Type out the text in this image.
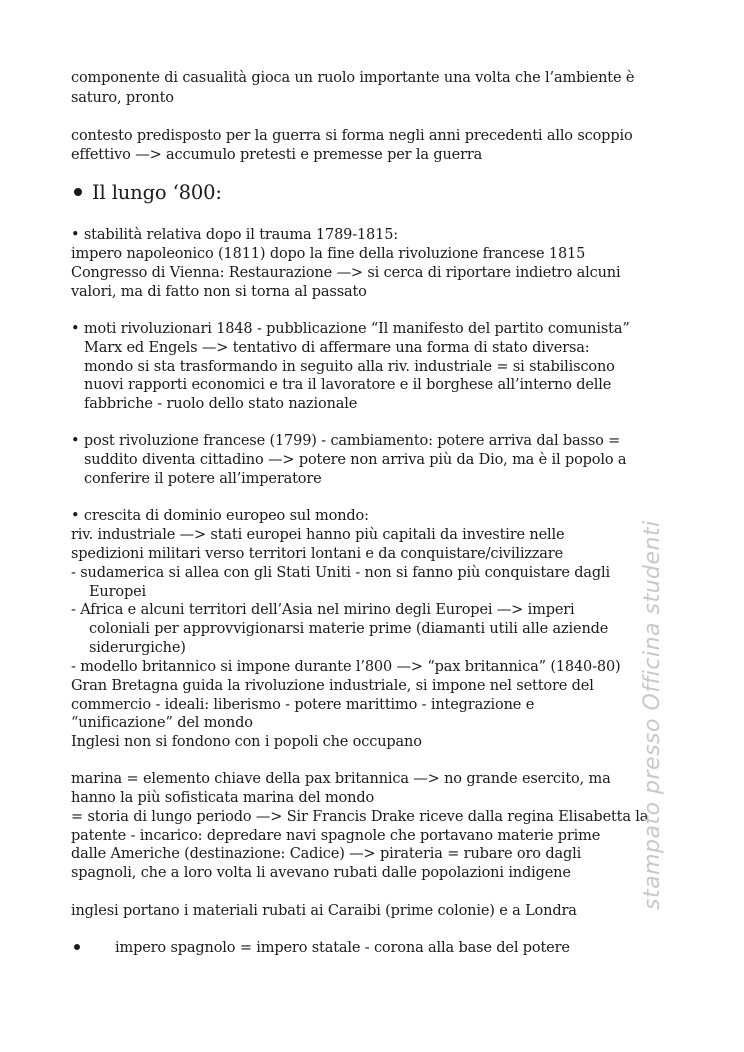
componente di casualità gioca un ruolo importante una volta che l’ambiente è

saturo, pronto

contesto predisposto per la guerra si forma negli anni precedenti allo scoppio

effettivo —> accumulo pretesti e premesse per la guerra

Il lungo ‘800:

• stabilità relativa dopo il trauma 1789-1815:

impero napoleonico (1811) dopo la fine della rivoluzione francese 1815

Congresso di Vienna: Restaurazione —> si cerca di riportare indietro alcuni

valori, ma di fatto non si torna al passato

• moti rivoluzionari 1848 - pubblicazione “Il manifesto del partito comunista”

Marx ed Engels —> tentativo di affermare una forma di stato diversa:

mondo si sta trasformando in seguito alla riv. industriale = si stabiliscono

nuovi rapporti economici e tra il lavoratore e il borghese all’interno delle

fabbriche - ruolo dello stato nazionale

• post rivoluzione francese (1799) - cambiamento: potere arriva dal basso =

suddito diventa cittadino —> potere non arriva più da Dio, ma è il popolo a

conferire il potere all’imperatore

• crescita di dominio europeo sul mondo:

riv. industriale —> stati europei hanno più capitali da investire nelle

spedizioni militari verso territori lontani e da conquistare/civilizzare

- sudamerica si allea con gli Stati Uniti - non si fanno più conquistare dagli

Europei

- Africa e alcuni territori dell’Asia nel mirino degli Europei —> imperi

coloniali per approvvigionarsi materie prime (diamanti utili alle aziende

siderurgiche)

- modello britannico si impone durante l’800 —> “pax britannica” (1840-80)

Gran Bretagna guida la rivoluzione industriale, si impone nel settore del

commercio - ideali: liberismo - potere marittimo - integrazione e

“unificazione” del mondo

Inglesi non si fondono con i popoli che occupano

marina = elemento chiave della pax britannica —> no grande esercito, ma

hanno la più sofisticata marina del mondo

= storia di lungo periodo —> Sir Francis Drake riceve dalla regina Elisabetta la

patente - incarico: depredare navi spagnole che portavano materie prime

dalle Americhe (destinazione: Cadice) —> pirateria = rubare oro dagli

spagnoli, che a loro volta li avevano rubati dalle popolazioni indigene

inglesi portano i materiali rubati ai Caraibi (prime colonie) e a Londra

impero spagnolo = impero statale - corona alla base del potere

stampato presso Officina studenti
